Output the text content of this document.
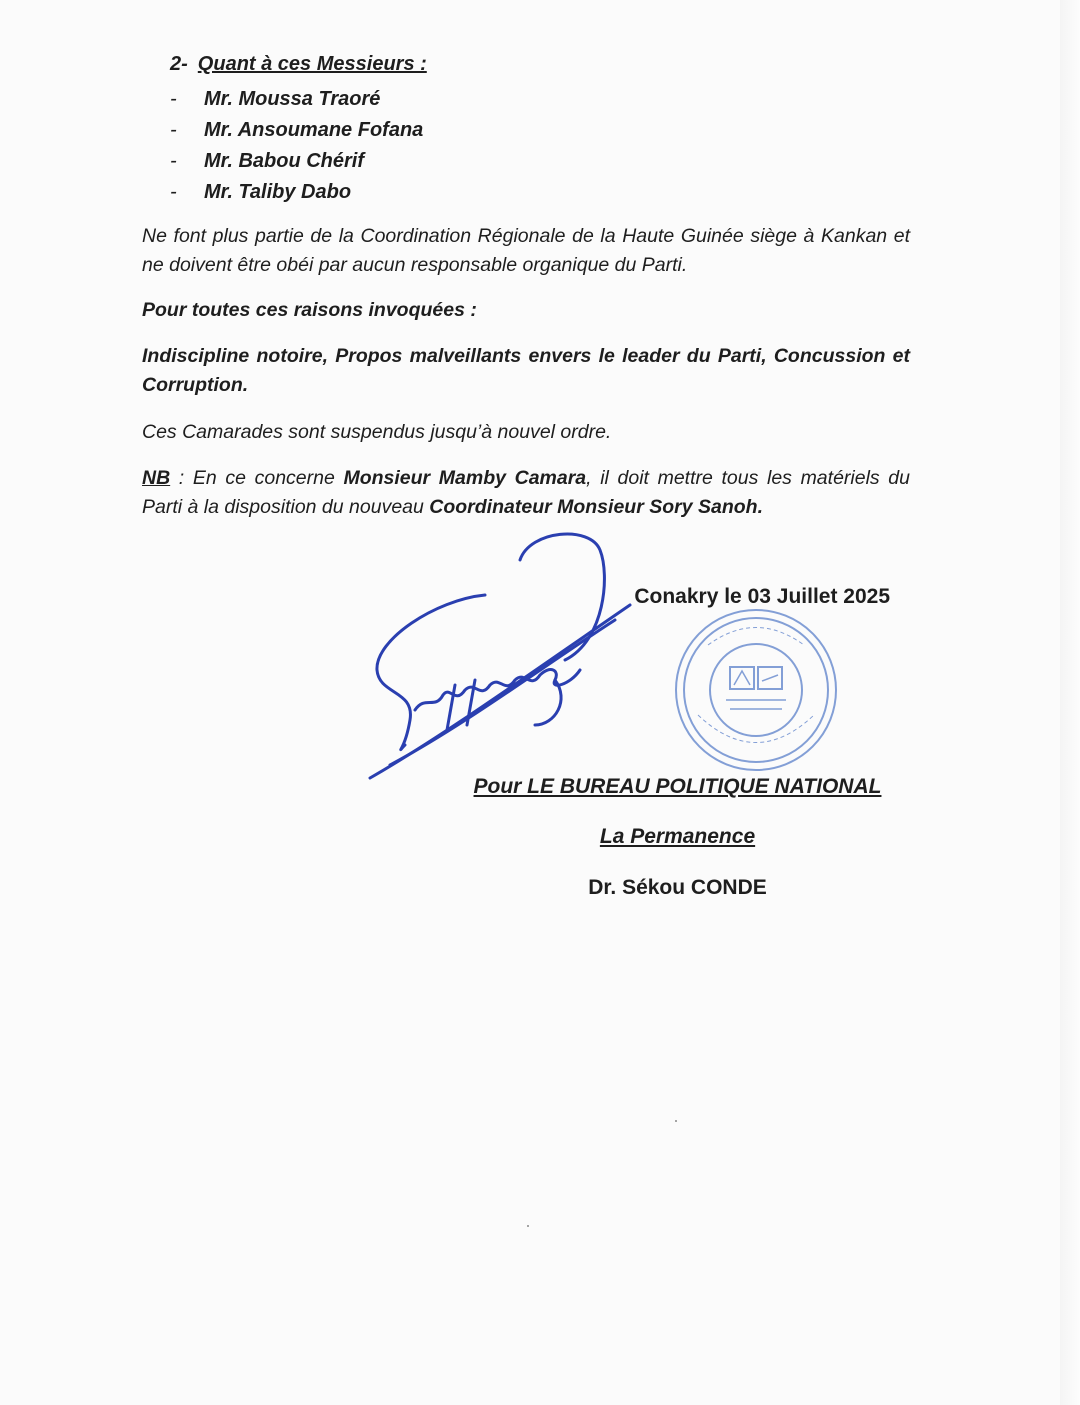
2- Quant à ces Messieurs :
- Mr. Moussa Traoré
- Mr. Ansoumane Fofana
- Mr. Babou Chérif
- Mr. Taliby Dabo
Ne font plus partie de la Coordination Régionale de la Haute Guinée siège à Kankan et ne doivent être obéi par aucun responsable organique du Parti.
Pour toutes ces raisons invoquées :
Indiscipline notoire, Propos malveillants envers le leader du Parti, Concussion et Corruption.
Ces Camarades sont suspendus jusqu’à nouvel ordre.
NB : En ce concerne Monsieur Mamby Camara, il doit mettre tous les matériels du Parti à la disposition du nouveau Coordinateur Monsieur Sory Sanoh.
Conakry le 03 Juillet 2025
Pour LE BUREAU POLITIQUE NATIONAL
La Permanence
Dr. Sékou CONDE
